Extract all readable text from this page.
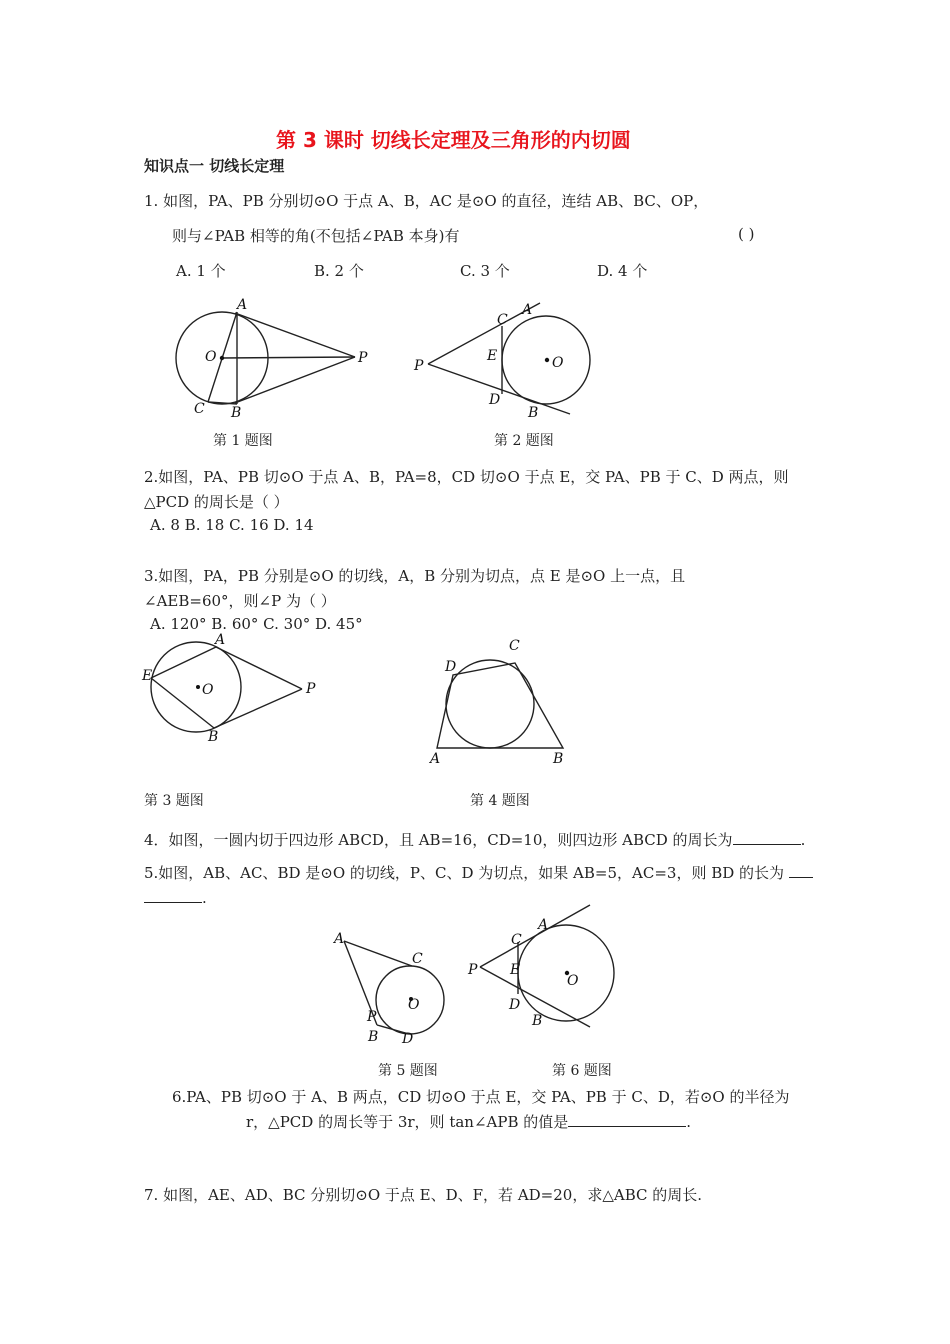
第 3 课时 切线长定理及三角形的内切圆
知识点一 切线长定理
1. 如图，PA、PB 分别切⊙O 于点 A、B，AC 是⊙O 的直径，连结 AB、BC、OP，
则与∠PAB 相等的角(不包括∠PAB 本身)有	( )
A. 1 个	B. 2 个	C. 3 个	D. 4 个
O
A
P
C B
O
A
C
E
P
D
B
第 1 题图	第 2 题图
2.如图，PA、PB 切⊙O 于点 A、B，PA=8，CD 切⊙O 于点 E，交 PA、PB 于 C、D 两点，则
△PCD 的周长是（ ）
A. 8 B. 18 C. 16 D. 14
3.如图，PA，PB 分别是⊙O 的切线，A，B 分别为切点，点 E 是⊙O 上一点，且
∠AEB=60°，则∠P 为（ ）
A. 120° B. 60° C. 30° D. 45°
O
A
E
P
B
D
C
A	B
第 3 题图	第 4 题图
4．如图，一圆内切于四边形 ABCD，且 AB=16，CD=10，则四边形 ABCD 的周长为	.
5.如图，AB、AC、BD 是⊙O 的切线，P、C、D 为切点，如果 AB=5，AC=3，则 BD 的长为
.
O
A
C
P
B D
O
A
C
E
P
D
B
第 5 题图	第 6 题图
6.PA、PB 切⊙O 于 A、B 两点，CD 切⊙O 于点 E，交 PA、PB 于 C、D，若⊙O 的半径为
r，△PCD 的周长等于 3r，则 tan∠APB 的值是	.
7. 如图，AE、AD、BC 分别切⊙O 于点 E、D、F，若 AD=20，求△ABC 的周长.
